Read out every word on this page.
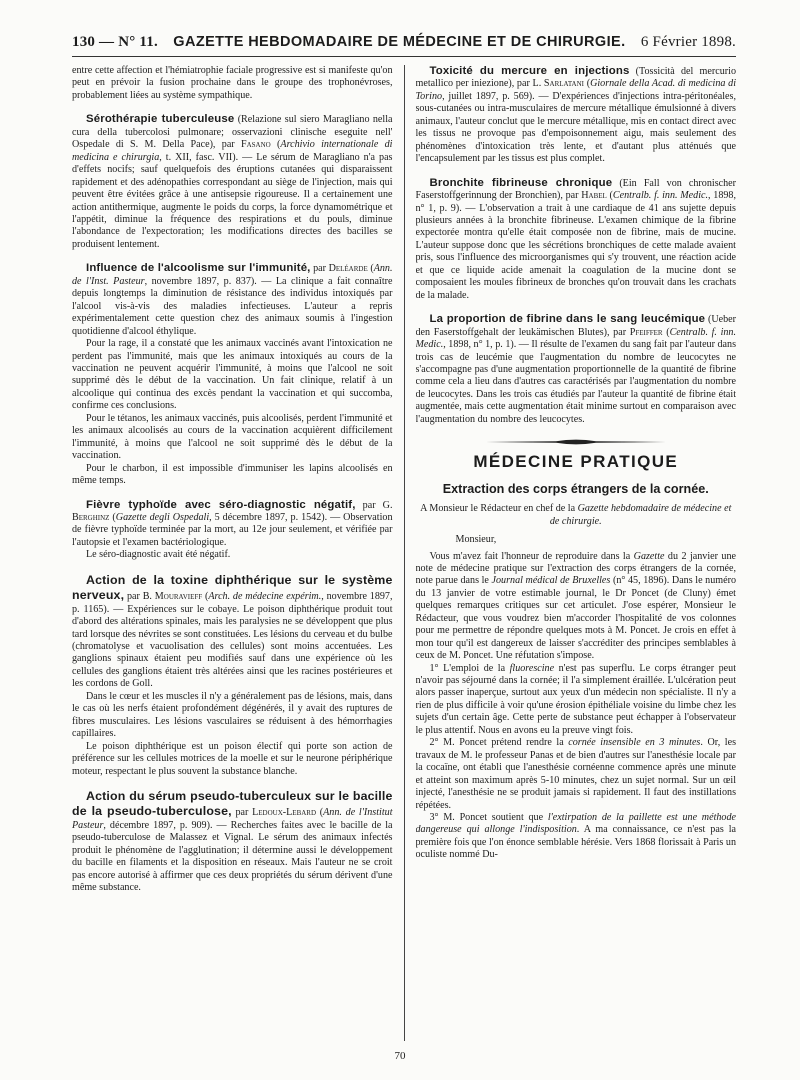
130 — N° 11. GAZETTE HEBDOMADAIRE DE MÉDECINE ET DE CHIRURGIE. 6 Février 1898.

entre cette affection et l'hémiatrophie faciale progressive est si manifeste qu'on peut en prévoir la fusion prochaine dans le groupe des trophonévroses, probablement liées au système sympathique.

Sérothérapie tuberculeuse (Relazione sul siero Maragliano nella cura della tubercolosi pulmonare; osservazioni clinische eseguite nell' Ospedale di S. M. Della Pace), par Fasano (Archivio internationale di medicina e chirurgia, t. XII, fasc. VII). — Le sérum de Maragliano n'a pas d'effets nocifs; sauf quelquefois des éruptions cutanées qui disparaissent rapidement et des adénopathies correspondant au siège de l'injection, mais qui peuvent être évitées grâce à une antisepsie rigoureuse. Il a certainement une action antithermique, augmente le poids du corps, la force dynamométrique et l'appétit, diminue la fréquence des respirations et du pouls, diminue l'abondance de l'expectoration; les modifications directes des bacilles se produisent lentement.

Influence de l'alcoolisme sur l'immunité, par Deléarde (Ann. de l'Inst. Pasteur, novembre 1897, p. 837). — La clinique a fait connaître depuis longtemps la diminution de résistance des individus intoxiqués par l'alcool vis-à-vis des maladies infectieuses. L'auteur a repris expérimentalement cette question chez des animaux soumis à l'ingestion quotidienne d'alcool éthylique.

Pour la rage, il a constaté que les animaux vaccinés avant l'intoxication ne perdent pas l'immunité, mais que les animaux intoxiqués au cours de la vaccination ne peuvent acquérir l'immunité, à moins que l'alcool ne soit supprimé dès le début de la vaccination. Un fait clinique, relatif à un alcoolique qui continua des excès pendant la vaccination et qui succomba, confirme ces conclusions.

Pour le tétanos, les animaux vaccinés, puis alcoolisés, perdent l'immunité et les animaux alcoolisés au cours de la vaccination acquièrent difficilement l'immunité, à moins que l'alcool ne soit supprimé dès le début de la vaccination.

Pour le charbon, il est impossible d'immuniser les lapins alcoolisés en même temps.

Fièvre typhoïde avec séro-diagnostic négatif, par G. Berghinz (Gazette degli Ospedali, 5 décembre 1897, p. 1542). — Observation de fièvre typhoïde terminée par la mort, au 12e jour seulement, et vérifiée par l'autopsie et l'examen bactériologique.

Le séro-diagnostic avait été négatif.

Action de la toxine diphthérique sur le système nerveux, par B. Mouravieff (Arch. de médecine expérim., novembre 1897, p. 1165). — Expériences sur le cobaye. Le poison diphthérique produit tout d'abord des altérations spinales, mais les paralysies ne se développent que plus tard lorsque des névrites se sont constituées. Les lésions du cerveau et du bulbe (chromatolyse et vacuolisation des cellules) sont moins accentuées. Les ganglions spinaux étaient peu modifiés sauf dans une expérience où les cellules des ganglions étaient très altérées ainsi que les racines postérieures et les cordons de Goll.

Dans le cœur et les muscles il n'y a généralement pas de lésions, mais, dans le cas où les nerfs étaient profondément dégénérés, il y avait des ruptures de fibres musculaires. Les lésions vasculaires se réduisent à des hémorrhagies capillaires.

Le poison diphthérique est un poison électif qui porte son action de préférence sur les cellules motrices de la moelle et sur le neurone périphérique moteur, respectant le plus souvent la substance blanche.

Action du sérum pseudo-tuberculeux sur le bacille de la pseudo-tuberculose, par Ledoux-Lebard (Ann. de l'Institut Pasteur, décembre 1897, p. 909). — Recherches faites avec le bacille de la pseudo-tuberculose de Malassez et Vignal. Le sérum des animaux infectés produit le phénomène de l'agglutination; il détermine aussi le développement du bacille en filaments et la disposition en réseaux. Mais l'auteur ne se croit pas encore autorisé à affirmer que ces deux propriétés du sérum dérivent d'une même substance.

Toxicité du mercure en injections (Tossicità del mercurio metallico per iniezione), par L. Sarlatani (Giornale della Acad. di medicina di Torino, juillet 1897, p. 569). — D'expériences d'injections intra-péritonéales, sous-cutanées ou intra-musculaires de mercure métallique émulsionné à divers animaux, l'auteur conclut que le mercure métallique, mis en contact direct avec les tissus ne provoque pas d'empoisonnement aigu, mais seulement des phénomènes d'intoxication très lente, et d'autant plus atténués que l'encapsulement par les tissus est plus complet.

Bronchite fibrineuse chronique (Ein Fall von chronischer Faserstoffgerinnung der Bronchien), par Habel (Centralb. f. inn. Medic., 1898, n° 1, p. 9). — L'observation a trait à une cardiaque de 41 ans sujette depuis plusieurs années à la bronchite fibrineuse. L'examen chimique de la fibrine expectorée montra qu'elle était composée non de fibrine, mais de mucine. L'auteur suppose donc que les sécrétions bronchiques de cette malade avaient pris, sous l'influence des microorganismes qui s'y trouvent, une réaction acide et que ce liquide acide amenait la coagulation de la mucine dont se composaient les moules fibrineux de bronches qu'on trouvait dans les crachats de la malade.

La proportion de fibrine dans le sang leucémique (Ueber den Faserstoffgehalt der leukämischen Blutes), par Pfeiffer (Centralb. f. inn. Medic., 1898, n° 1, p. 1). — Il résulte de l'examen du sang fait par l'auteur dans trois cas de leucémie que l'augmentation du nombre de leucocytes ne s'accompagne pas d'une augmentation proportionnelle de la quantité de fibrine comme cela a lieu dans d'autres cas caractérisés par l'augmentation du nombre de leucocytes. Dans les trois cas étudiés par l'auteur la quantité de fibrine était augmentée, mais cette augmentation était minime surtout en comparaison avec l'augmentation du nombre des leucocytes.

MÉDECINE PRATIQUE
Extraction des corps étrangers de la cornée.
A Monsieur le Rédacteur en chef de la Gazette hebdomadaire de médecine et de chirurgie.

Monsieur,

Vous m'avez fait l'honneur de reproduire dans la Gazette du 2 janvier une note de médecine pratique sur l'extraction des corps étrangers de la cornée, note parue dans le Journal médical de Bruxelles (n° 45, 1896). Dans le numéro du 13 janvier de votre estimable journal, le Dr Poncet (de Cluny) émet quelques remarques critiques sur cet articulet. J'ose espérer, Monsieur le Rédacteur, que vous voudrez bien m'accorder l'hospitalité de vos colonnes pour me permettre de répondre quelques mots à M. Poncet. Je crois en effet à mon tour qu'il est dangereux de laisser s'accréditer des principes semblables à ceux de M. Poncet. Une réfutation s'impose.

1° L'emploi de la fluorescine n'est pas superflu. Le corps étranger peut n'avoir pas séjourné dans la cornée; il l'a simplement éraillée. L'ulcération peut alors passer inaperçue, surtout aux yeux d'un médecin non spécialiste. Il n'y a rien de plus difficile à voir qu'une érosion épithéliale voisine du limbe chez les sujets d'un certain âge. Cette perte de substance peut échapper à l'observateur le plus attentif. Nous en avons eu la preuve vingt fois.

2° M. Poncet prétend rendre la cornée insensible en 3 minutes. Or, les travaux de M. le professeur Panas et de bien d'autres sur l'anesthésie locale par la cocaïne, ont établi que l'anesthésie cornéenne commence après une minute et atteint son maximum après 5-10 minutes, chez un sujet normal. Sur un œil injecté, l'anesthésie ne se produit jamais si rapidement. Il faut des instillations répétées.

3° M. Poncet soutient que l'extirpation de la paillette est une méthode dangereuse qui allonge l'indisposition. A ma connaissance, ce n'est pas la première fois que l'on énonce semblable hérésie. Vers 1868 florissait à Paris un oculiste nommé Du-

70
